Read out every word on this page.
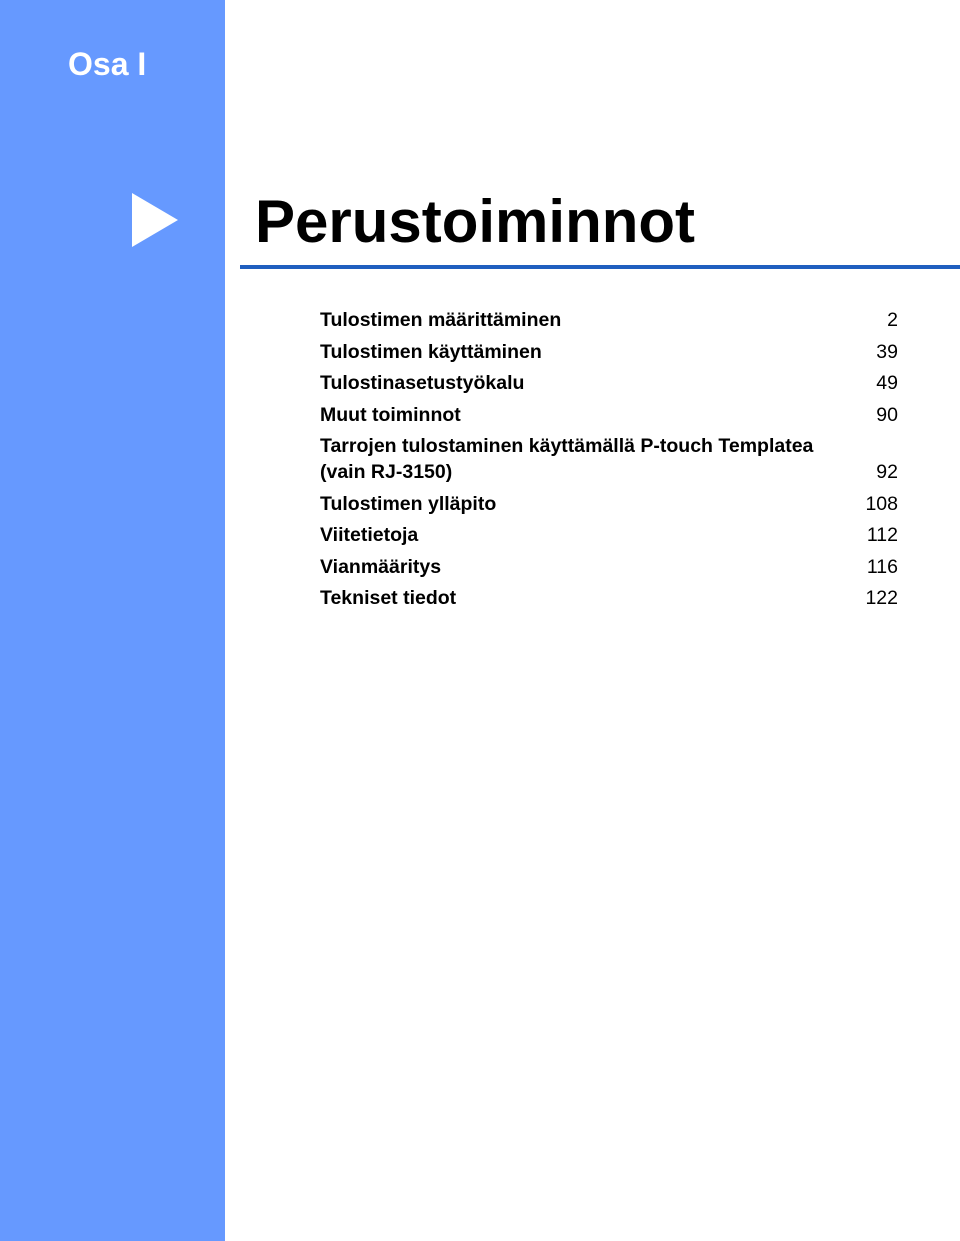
Osa I
Perustoiminnot
Tulostimen määrittäminen	2
Tulostimen käyttäminen	39
Tulostinasetustyökalu	49
Muut toiminnot	90
Tarrojen tulostaminen käyttämällä P-touch Templatea (vain RJ-3150)	92
Tulostimen ylläpito	108
Viitetietoja	112
Vianmääritys	116
Tekniset tiedot	122
